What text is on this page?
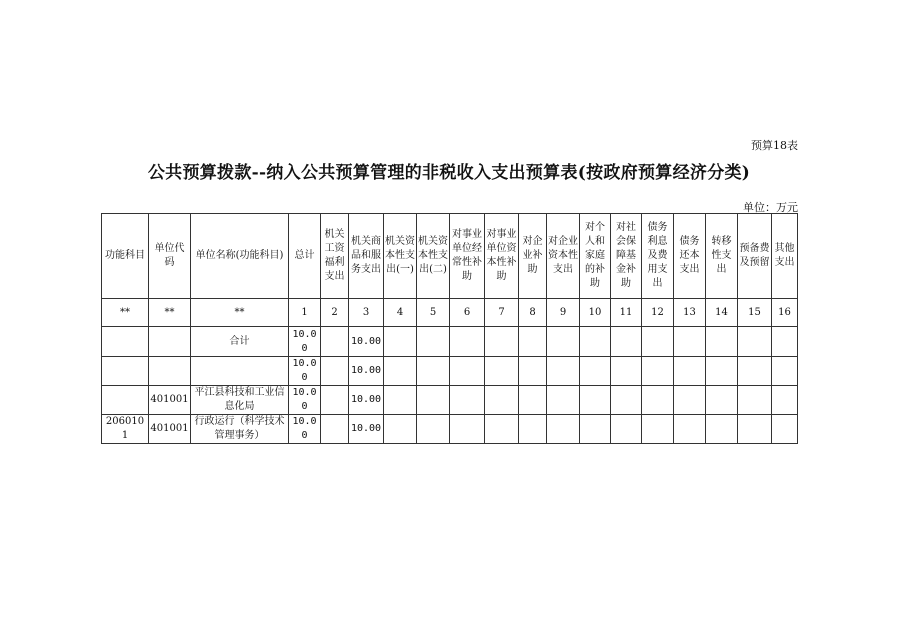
预算18表
公共预算拨款--纳入公共预算管理的非税收入支出预算表(按政府预算经济分类)
单位：万元
功能科目	单位代码	单位名称(功能科目)	总计	机关工资福利支出	机关商品和服务支出	机关资本性支出(一)	机关资本性支出(二)	对事业单位经常性补助	对事业单位资本性补助	对企业补助	对企业资本性支出	对个人和家庭的补助	对社会保障基金补助	债务利息及费用支出	债务还本支出	转移性支出	预备费及预留	其他支出
**	**	**	1	2	3	4	5	6	7	8	9	10	11	12	13	14	15	16
		合计	10.00		10.00													
			10.00		10.00													
	401001	平江县科技和工业信息化局	10.00		10.00													
2060101	401001	行政运行（科学技术管理事务）	10.00		10.00													
